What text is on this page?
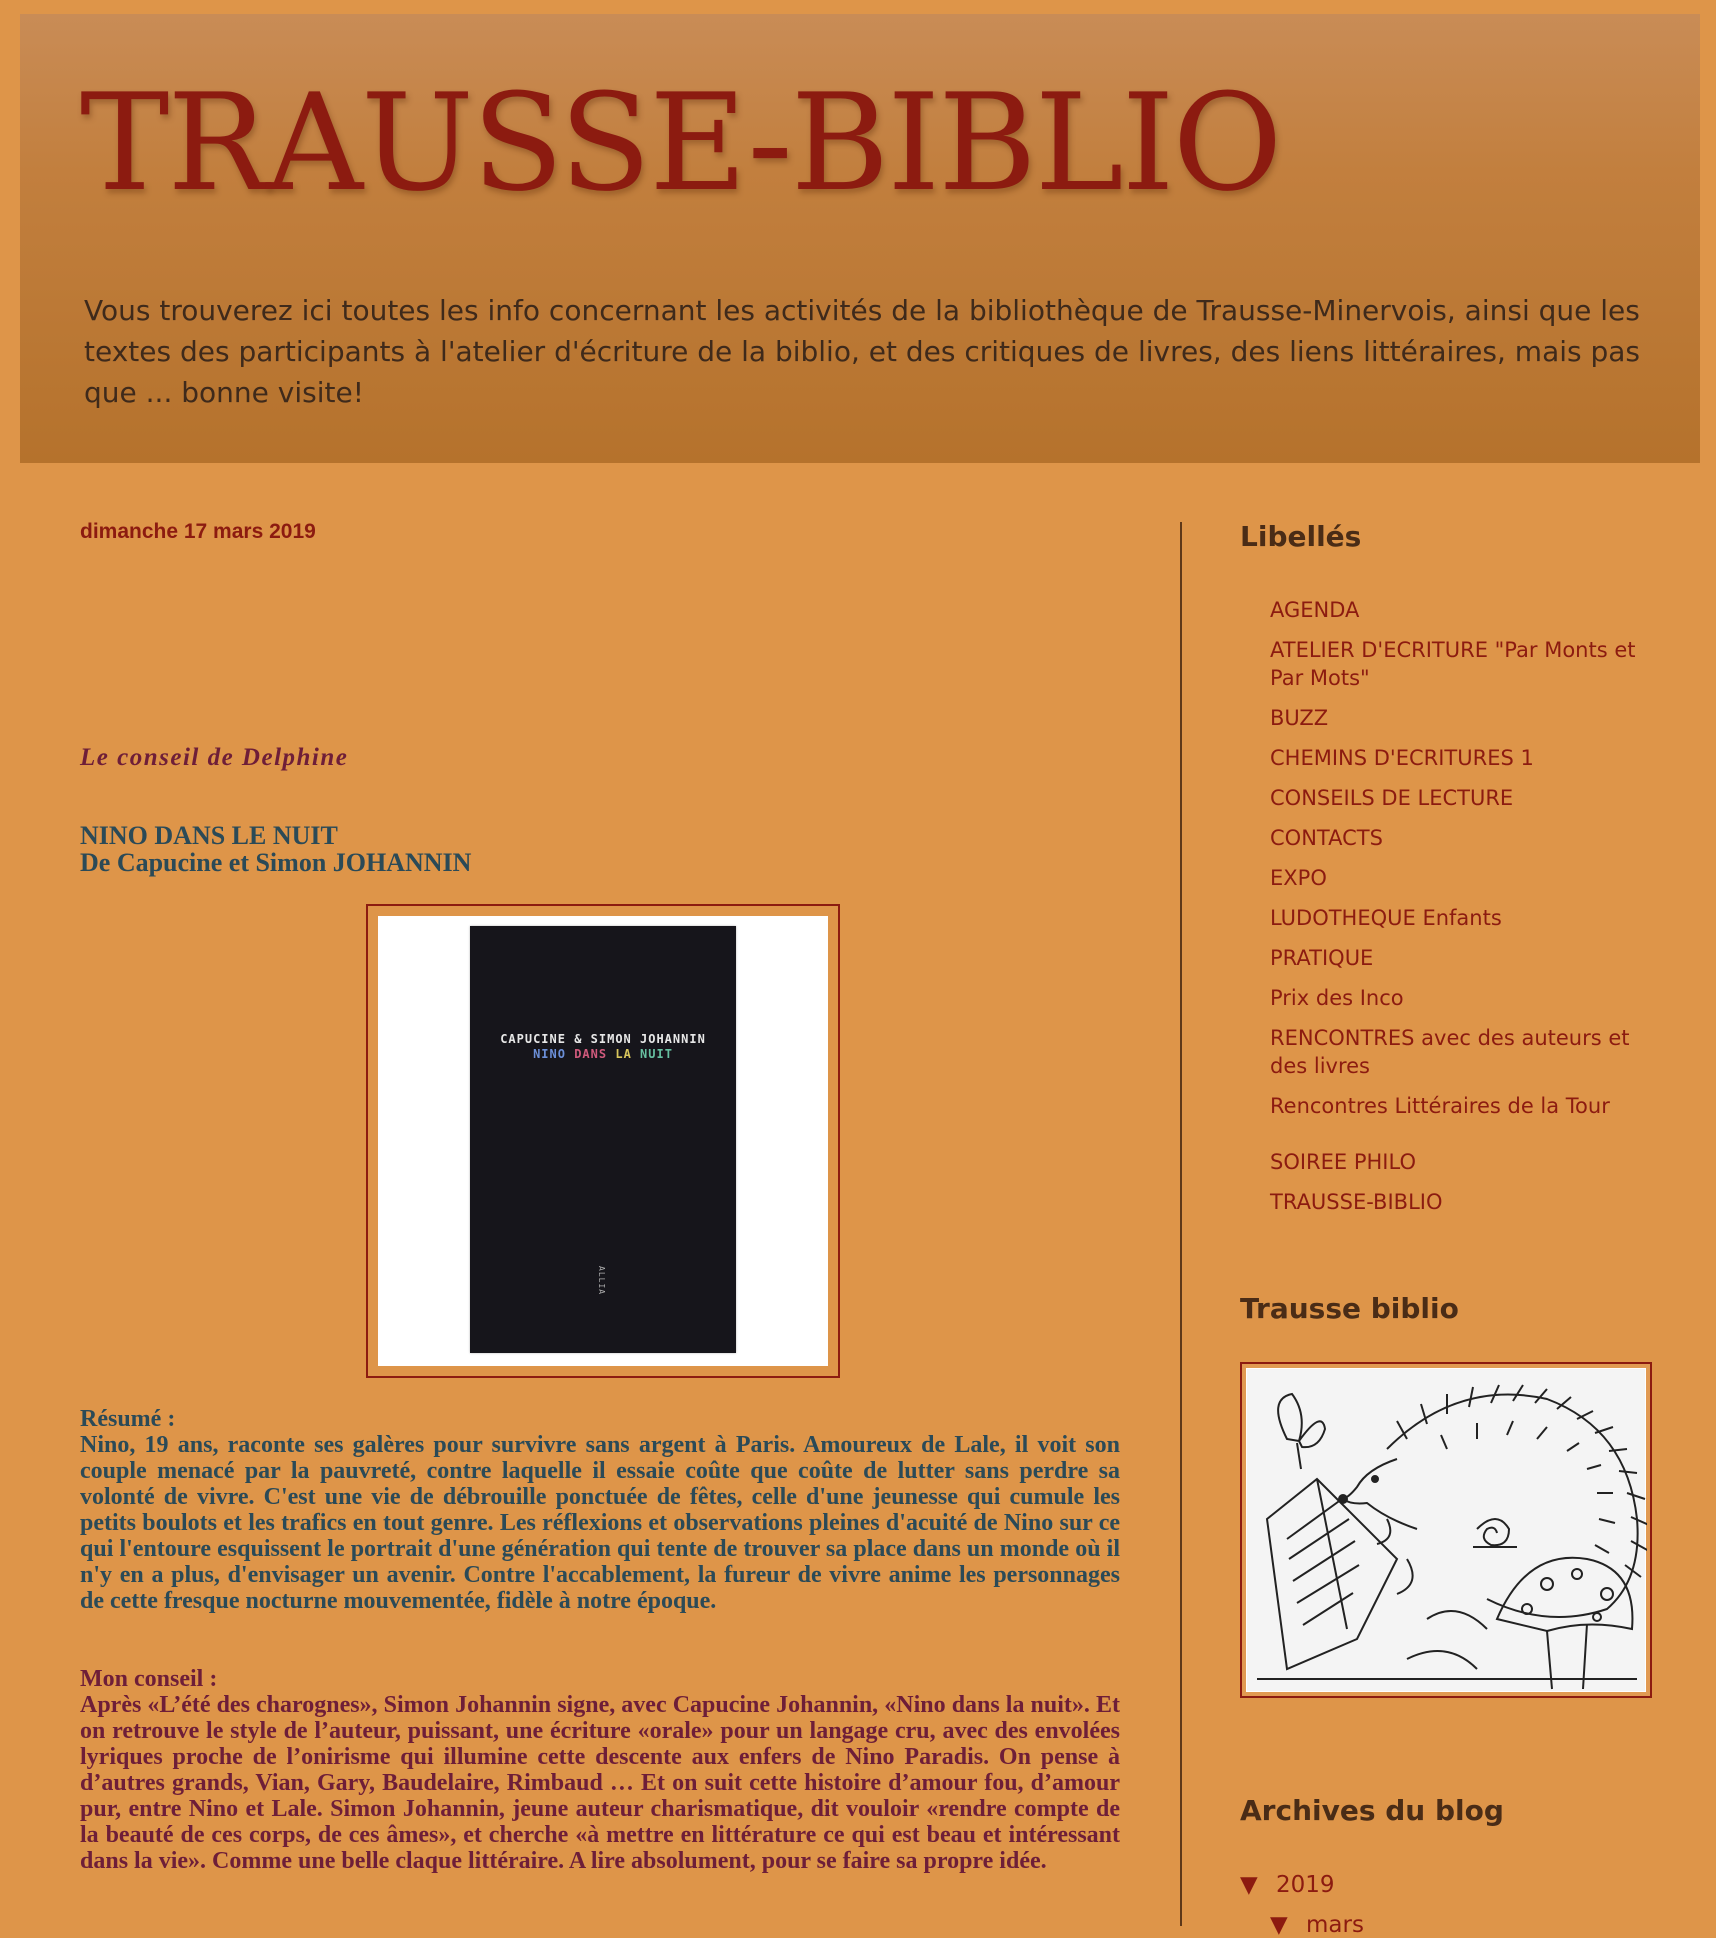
TRAUSSE-BIBLIO

Vous trouverez ici toutes les info concernant les activités de la bibliothèque de Trausse-Minervois, ainsi que les textes des participants à l'atelier d'écriture de la biblio, et des critiques de livres, des liens littéraires, mais pas que ... bonne visite!

dimanche 17 mars 2019
Le conseil de Delphine
NINO DANS LE NUIT
De Capucine et Simon JOHANNIN
CAPUCINE & SIMON JOHANNIN
NINO DANS LA NUIT
ALLIA
Résumé :

Nino, 19 ans, raconte ses galères pour survivre sans argent à Paris. Amoureux de Lale, il voit son couple menacé par la pauvreté, contre laquelle il essaie coûte que coûte de lutter sans perdre sa volonté de vivre. C'est une vie de débrouille ponctuée de fêtes, celle d'une jeunesse qui cumule les petits boulots et les trafics en tout genre. Les réflexions et observations pleines d'acuité de Nino sur ce qui l'entoure esquissent le portrait d'une génération qui tente de trouver sa place dans un monde où il n'y en a plus, d'envisager un avenir. Contre l'accablement, la fureur de vivre anime les personnages de cette fresque nocturne mouvementée, fidèle à notre époque.

Mon conseil :

Après «L’été des charognes», Simon Johannin signe, avec Capucine Johannin, «Nino dans la nuit». Et on retrouve le style de l’auteur, puissant, une écriture «orale» pour un langage cru, avec des envolées lyriques proche de l’onirisme qui illumine cette descente aux enfers de Nino Paradis. On pense à d’autres grands, Vian, Gary, Baudelaire, Rimbaud … Et on suit cette histoire d’amour fou, d’amour pur, entre Nino et Lale. Simon Johannin, jeune auteur charismatique, dit vouloir «rendre compte de la beauté de ces corps, de ces âmes», et cherche «à mettre en littérature ce qui est beau et intéressant dans la vie». Comme une belle claque littéraire. A lire absolument, pour se faire sa propre idée.

Libellés
AGENDA
ATELIER D'ECRITURE "Par Monts et Par Mots"
BUZZ
CHEMINS D'ECRITURES 1
CONSEILS DE LECTURE
CONTACTS
EXPO
LUDOTHEQUE Enfants
PRATIQUE
Prix des Inco
RENCONTRES avec des auteurs et des livres
Rencontres Littéraires de la Tour
SOIREE PHILO
TRAUSSE-BIBLIO
Trausse biblio
Archives du blog
▼ 2019
▼ mars
